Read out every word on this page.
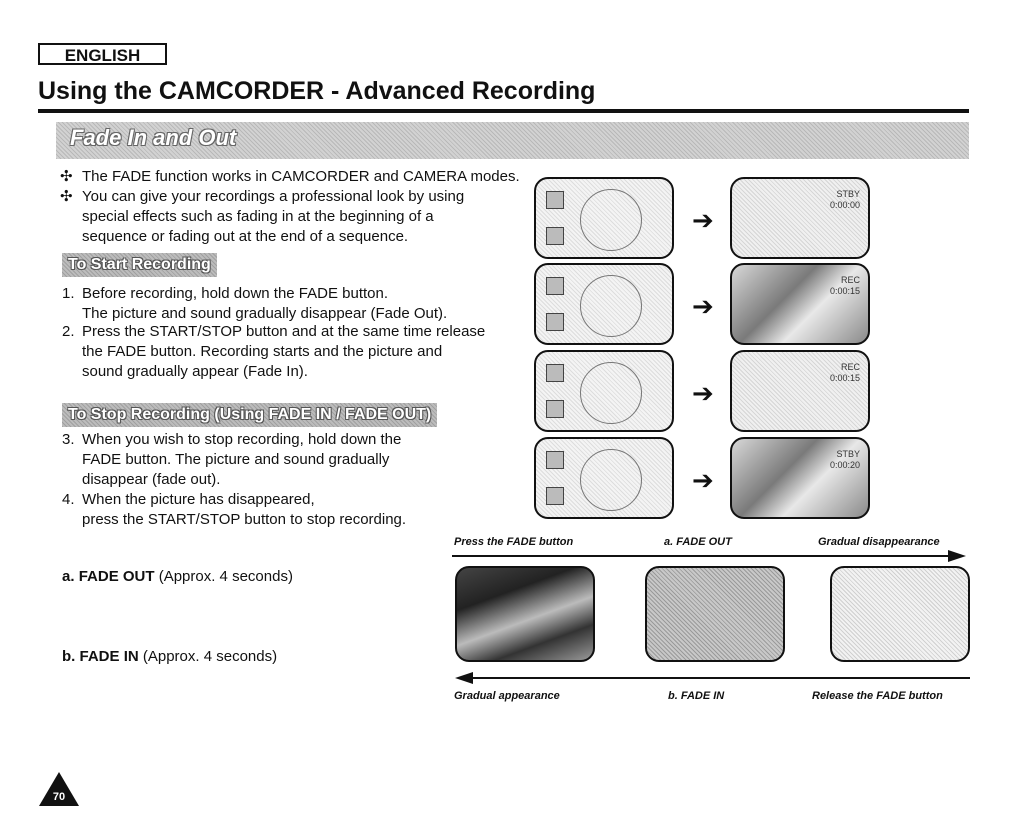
ENGLISH
Using the CAMCORDER - Advanced Recording
Fade In and Out
✣ The FADE function works in CAMCORDER and CAMERA modes.
✣ You can give your recordings a professional look by using
special effects such as fading in at the beginning of a
sequence or fading out at the end of a sequence.
To Start Recording
1. Before recording, hold down the FADE button.
The picture and sound gradually disappear (Fade Out).
2. Press the START/STOP button and at the same time release
the FADE button. Recording starts and the picture and
sound gradually appear (Fade In).
To Stop Recording (Using FADE IN / FADE OUT)
3. When you wish to stop recording, hold down the
FADE button. The picture and sound gradually
disappear (fade out).
4. When the picture has disappeared,
press the START/STOP button to stop recording.
➔
STBY
0:00:00
➔
REC
0:00:15
➔
REC
0:00:15
➔
STBY
0:00:20
Press the FADE button	a. FADE OUT	Gradual disappearance
Gradual appearance	b. FADE IN	Release the FADE button
a. FADE OUT (Approx. 4 seconds)
b. FADE IN (Approx. 4 seconds)
70
